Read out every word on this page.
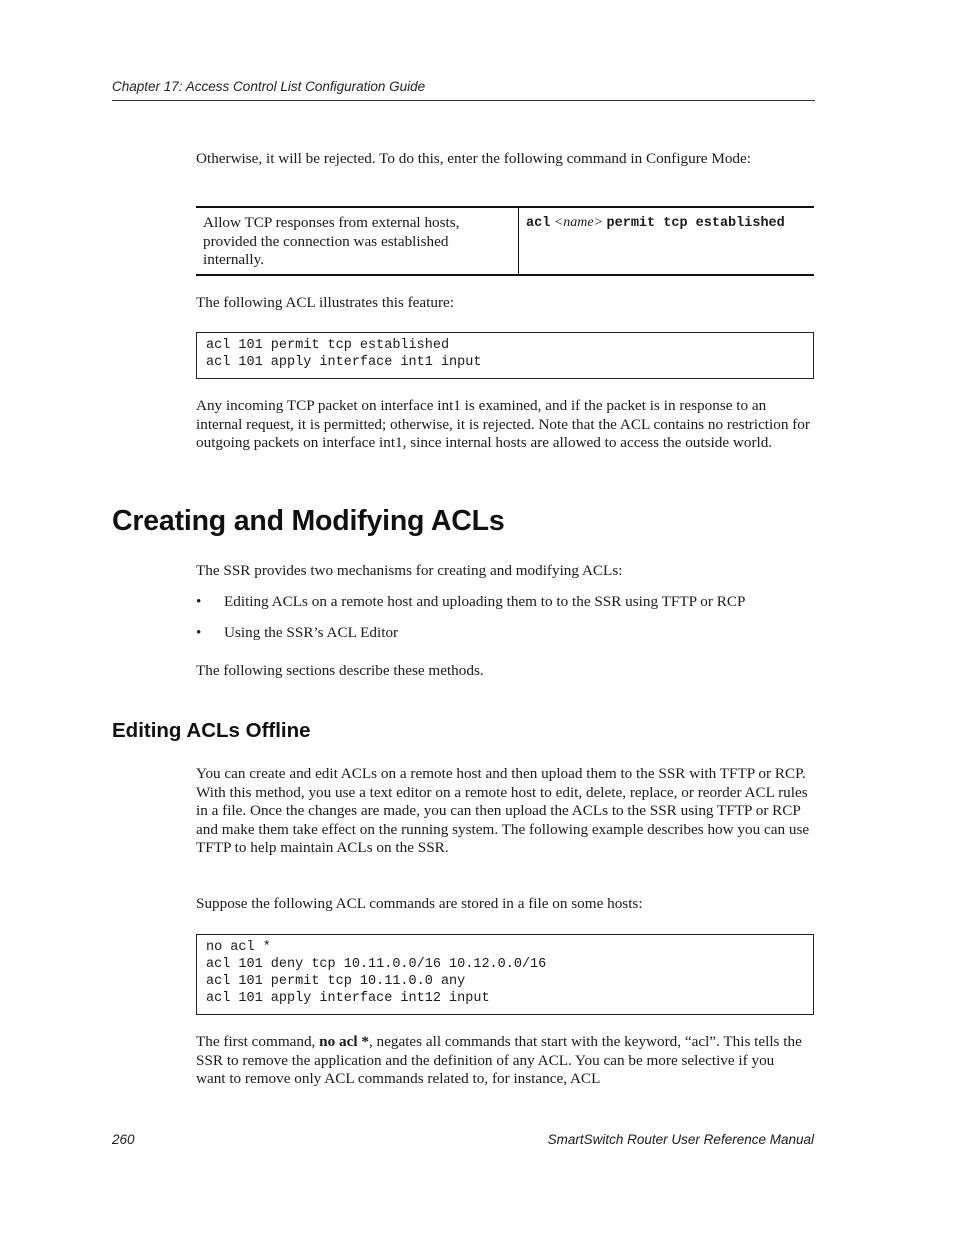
Chapter 17: Access Control List Configuration Guide
Otherwise, it will be rejected. To do this, enter the following command in Configure Mode:
Allow TCP responses from external hosts, provided the connection was established internally.
acl <name> permit tcp established
The following ACL illustrates this feature:
acl 101 permit tcp established
acl 101 apply interface int1 input
Any incoming TCP packet on interface int1 is examined, and if the packet is in response to an internal request, it is permitted; otherwise, it is rejected. Note that the ACL contains no restriction for outgoing packets on interface int1, since internal hosts are allowed to access the outside world.
Creating and Modifying ACLs
The SSR provides two mechanisms for creating and modifying ACLs:
• Editing ACLs on a remote host and uploading them to to the SSR using TFTP or RCP
• Using the SSR’s ACL Editor
The following sections describe these methods.
Editing ACLs Offline
You can create and edit ACLs on a remote host and then upload them to the SSR with TFTP or RCP. With this method, you use a text editor on a remote host to edit, delete, replace, or reorder ACL rules in a file. Once the changes are made, you can then upload the ACLs to the SSR using TFTP or RCP and make them take effect on the running system. The following example describes how you can use TFTP to help maintain ACLs on the SSR.
Suppose the following ACL commands are stored in a file on some hosts:
no acl *
acl 101 deny tcp 10.11.0.0/16 10.12.0.0/16
acl 101 permit tcp 10.11.0.0 any
acl 101 apply interface int12 input
The first command, no acl *, negates all commands that start with the keyword, “acl”. This tells the SSR to remove the application and the definition of any ACL. You can be more selective if you want to remove only ACL commands related to, for instance, ACL
260	SmartSwitch Router User Reference Manual
